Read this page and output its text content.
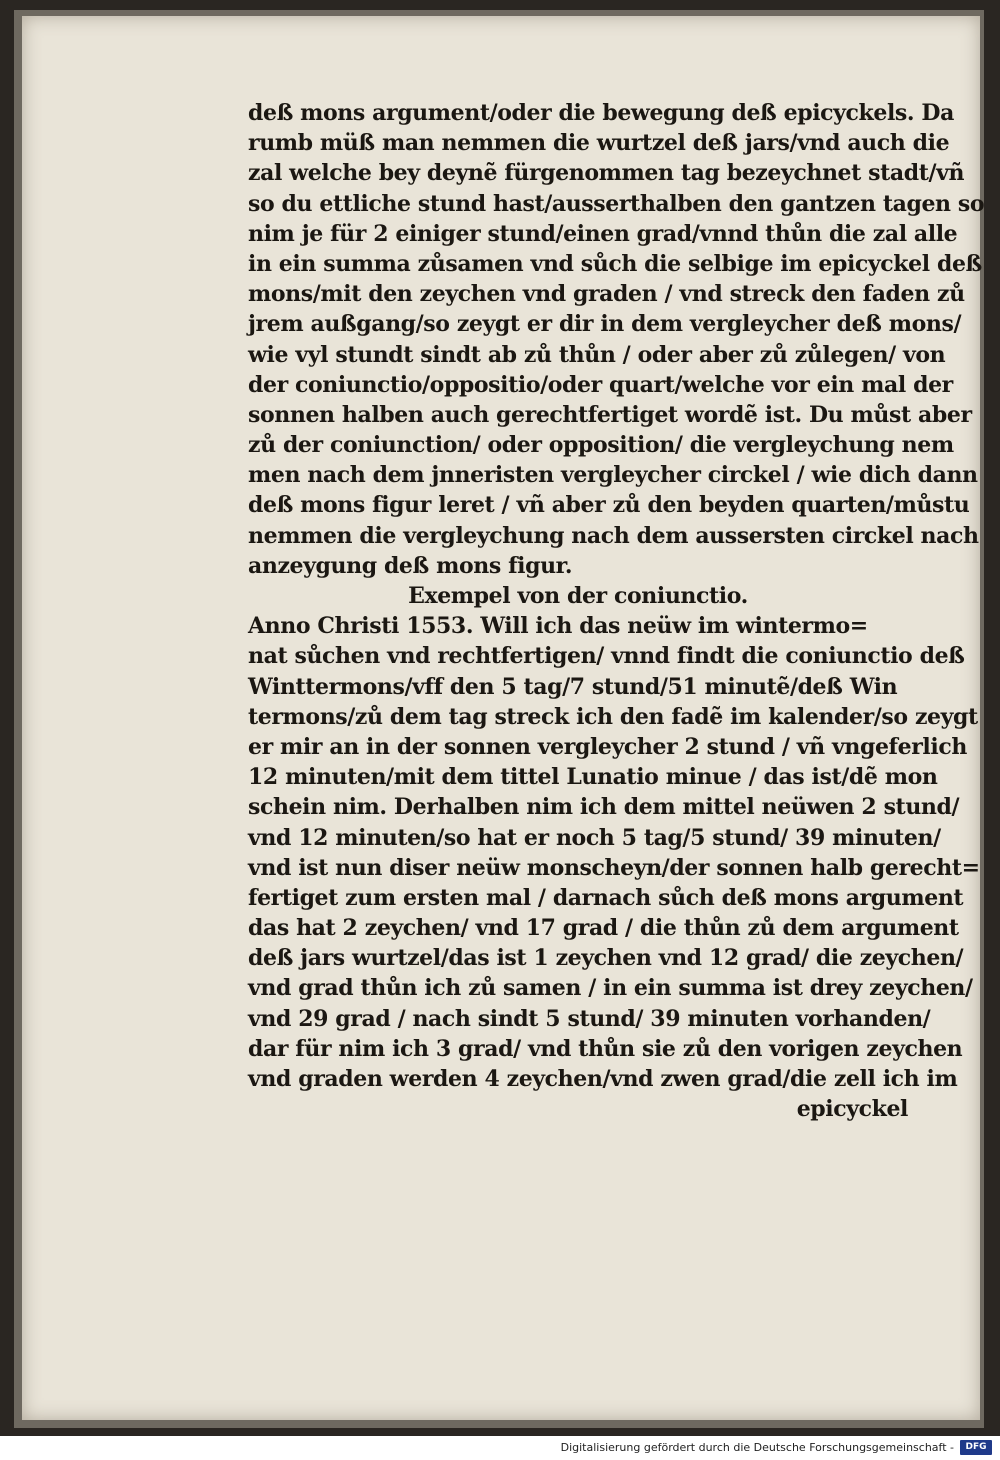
deß mons argument/oder die bewegung deß epicyckels. Da
rumb müß man nemmen die wurtzel deß jars/vnd auch die
zal welche bey deynẽ fürgenommen tag bezeychnet stadt/vñ
so du ettliche stund hast/ausserthalben den gantzen tagen so
nim je für 2 einiger stund/einen grad/vnnd thůn die zal alle
in ein summa zůsamen vnd sůch die selbige im epicyckel deß
mons/mit den zeychen vnd graden / vnd streck den faden zů
jrem außgang/so zeygt er dir in dem vergleycher deß mons/
wie vyl stundt sindt ab zů thůn / oder aber zů zůlegen/ von
der coniunctio/oppositio/oder quart/welche vor ein mal der
sonnen halben auch gerechtfertiget wordẽ ist. Du můst aber
zů der coniunction/ oder opposition/ die vergleychung nem
men nach dem jnneristen vergleycher circkel / wie dich dann
deß mons figur leret / vñ aber zů den beyden quarten/můstu
nemmen die vergleychung nach dem aussersten circkel nach
anzeygung deß mons figur.
Exempel von der coniunctio.
Anno Christi 1553. Will ich das neüw im wintermo=
nat sůchen vnd rechtfertigen/ vnnd findt die coniunctio deß
Winttermons/vff den 5 tag/7 stund/51 minutẽ/deß Win
termons/zů dem tag streck ich den fadẽ im kalender/so zeygt
er mir an in der sonnen vergleycher 2 stund / vñ vngeferlich
12 minuten/mit dem tittel Lunatio minue / das ist/dẽ mon
schein nim. Derhalben nim ich dem mittel neüwen 2 stund/
vnd 12 minuten/so hat er noch 5 tag/5 stund/ 39 minuten/
vnd ist nun diser neüw monscheyn/der sonnen halb gerecht=
fertiget zum ersten mal / darnach sůch deß mons argument
das hat 2 zeychen/ vnd 17 grad / die thůn zů dem argument
deß jars wurtzel/das ist 1 zeychen vnd 12 grad/ die zeychen/
vnd grad thůn ich zů samen / in ein summa ist drey zeychen/
vnd 29 grad / nach sindt 5 stund/ 39 minuten vorhanden/
dar für nim ich 3 grad/ vnd thůn sie zů den vorigen zeychen
vnd graden werden 4 zeychen/vnd zwen grad/die zell ich im
epicyckel
Digitalisierung gefördert durch die Deutsche Forschungsgemeinschaft -	DFG
